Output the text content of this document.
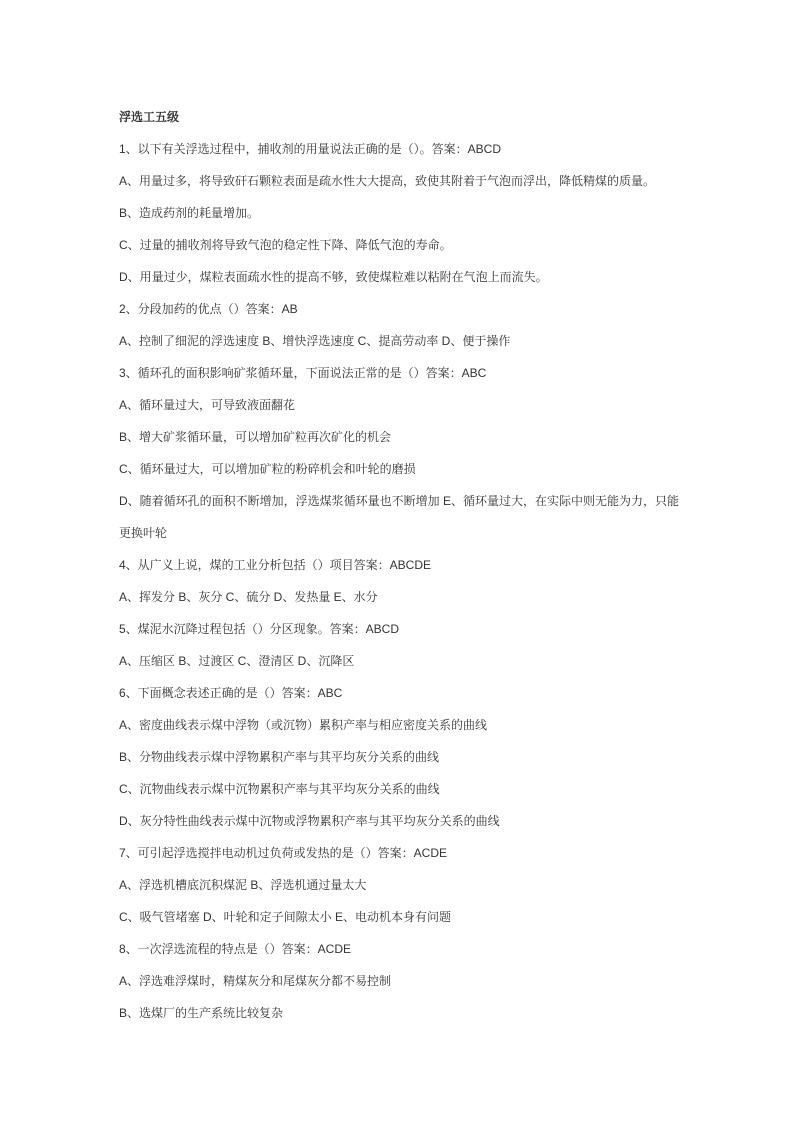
浮选工五级
1、以下有关浮选过程中，捕收剂的用量说法正确的是（）。答案：ABCD
A、用量过多，将导致矸石颗粒表面是疏水性大大提高，致使其附着于气泡而浮出，降低精煤的质量。
B、造成药剂的耗量增加。
C、过量的捕收剂将导致气泡的稳定性下降、降低气泡的寿命。
D、用量过少，煤粒表面疏水性的提高不够，致使煤粒难以粘附在气泡上而流失。
2、分段加药的优点（）答案：AB
A、控制了细泥的浮选速度 B、增快浮选速度 C、提高劳动率 D、便于操作
3、循环孔的面积影响矿浆循环量，下面说法正常的是（）答案：ABC
A、循环量过大，可导致液面翻花
B、增大矿浆循环量，可以增加矿粒再次矿化的机会
C、循环量过大，可以增加矿粒的粉碎机会和叶轮的磨损
D、随着循环孔的面积不断增加，浮选煤浆循环量也不断增加 E、循环量过大，在实际中则无能为力，只能
更换叶轮
4、从广义上说，煤的工业分析包括（）项目答案：ABCDE
A、挥发分 B、灰分 C、硫分 D、发热量 E、水分
5、煤泥水沉降过程包括（）分区现象。答案：ABCD
A、压缩区 B、过渡区 C、澄清区 D、沉降区
6、下面概念表述正确的是（）答案：ABC
A、密度曲线表示煤中浮物（或沉物）累积产率与相应密度关系的曲线
B、分物曲线表示煤中浮物累积产率与其平均灰分关系的曲线
C、沉物曲线表示煤中沉物累积产率与其平均灰分关系的曲线
D、灰分特性曲线表示煤中沉物或浮物累积产率与其平均灰分关系的曲线
7、可引起浮选搅拌电动机过负荷或发热的是（）答案：ACDE
A、浮选机槽底沉积煤泥 B、浮选机通过量太大
C、吸气管堵塞 D、叶轮和定子间隙太小 E、电动机本身有问题
8、一次浮选流程的特点是（）答案：ACDE
A、浮选难浮煤时，精煤灰分和尾煤灰分都不易控制
B、选煤厂的生产系统比较复杂
